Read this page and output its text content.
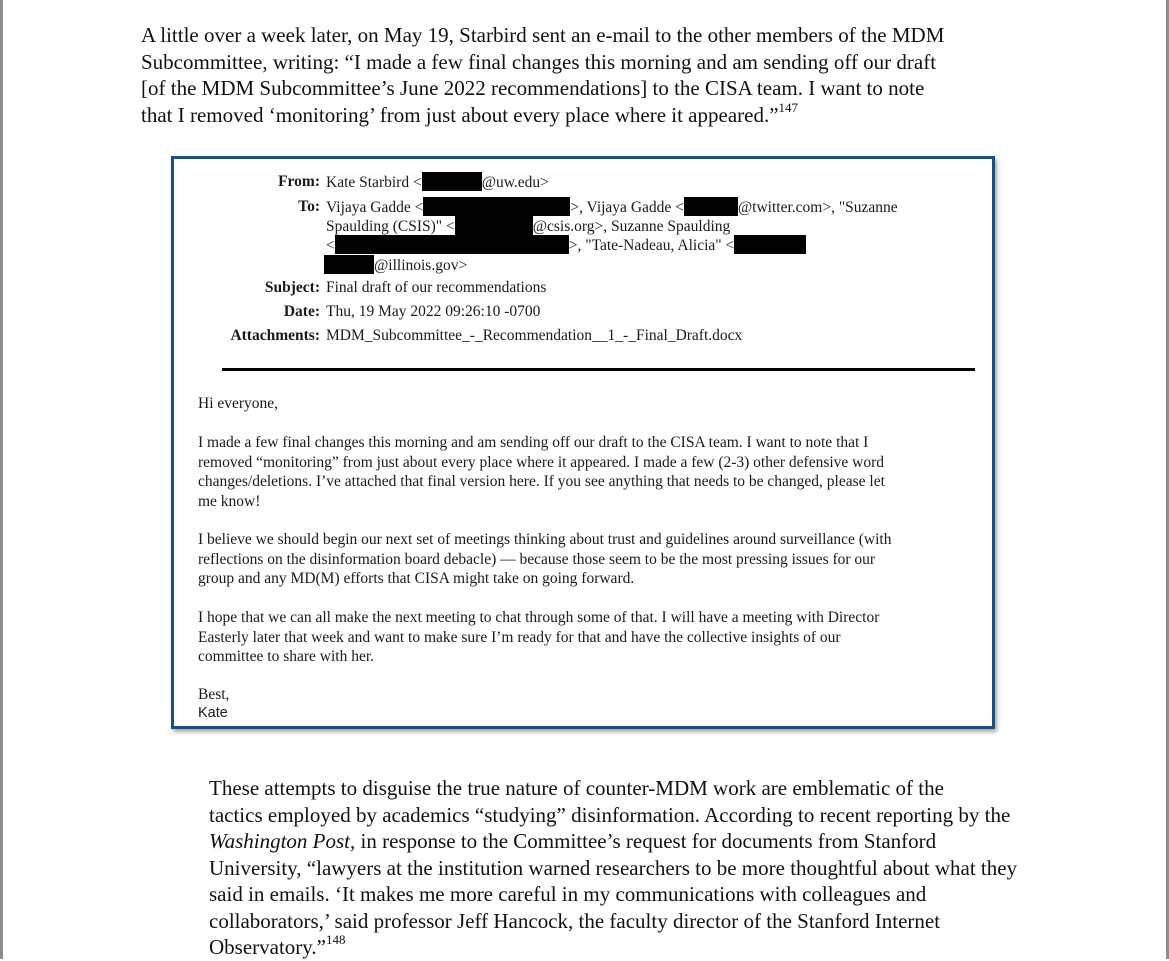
A little over a week later, on May 19, Starbird sent an e-mail to the other members of the MDM
Subcommittee, writing: “I made a few final changes this morning and am sending off our draft
[of the MDM Subcommittee’s June 2022 recommendations] to the CISA team. I want to note
that I removed ‘monitoring’ from just about every place where it appeared.”$^{147}$

From: Kate Starbird <	@uw.edu>
To: Vijaya Gadde <	>, Vijaya Gadde <	@twitter.com>, "Suzanne
Spaulding (CSIS)" <	@csis.org>, Suzanne Spaulding
<	>, "Tate-Nadeau, Alicia" <
@illinois.gov>
Subject: Final draft of our recommendations
Date: Thu, 19 May 2022 09:26:10 -0700
Attachments: MDM_Subcommittee_-_Recommendation__1_-_Final_Draft.docx
Hi everyone,
I made a few final changes this morning and am sending off our draft to the CISA team. I want to note that I
removed “monitoring” from just about every place where it appeared. I made a few (2-3) other defensive word
changes/deletions. I’ve attached that final version here. If you see anything that needs to be changed, please let
me know!
I believe we should begin our next set of meetings thinking about trust and guidelines around surveillance (with
reflections on the disinformation board debacle) — because those seem to be the most pressing issues for our
group and any MD(M) efforts that CISA might take on going forward.
I hope that we can all make the next meeting to chat through some of that. I will have a meeting with Director
Easterly later that week and want to make sure I’m ready for that and have the collective insights of our
committee to share with her.
Best,
Kate

These attempts to disguise the true nature of counter-MDM work are emblematic of the
tactics employed by academics “studying” disinformation. According to recent reporting by the
Washington Post, in response to the Committee’s request for documents from Stanford
University, “lawyers at the institution warned researchers to be more thoughtful about what they
said in emails. ‘It makes me more careful in my communications with colleagues and
collaborators,’ said professor Jeff Hancock, the faculty director of the Stanford Internet
Observatory.”$^{148}$
